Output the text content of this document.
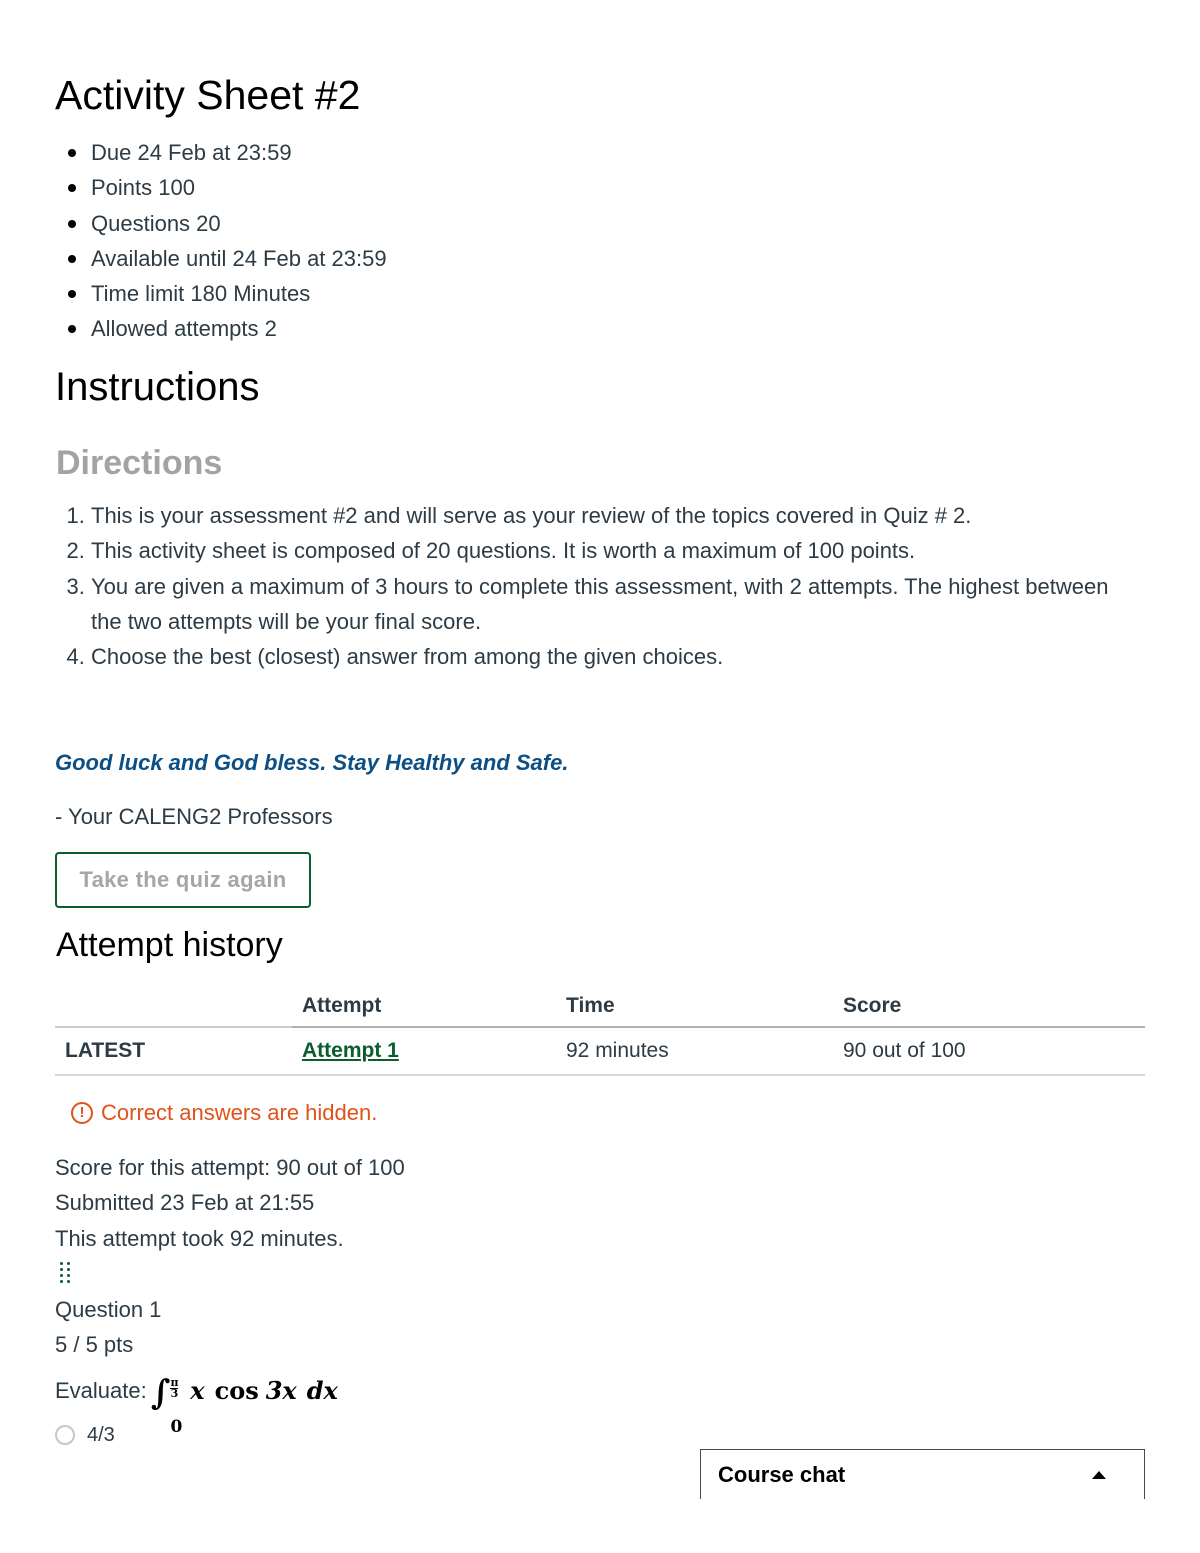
Activity Sheet #2
Due 24 Feb at 23:59
Points 100
Questions 20
Available until 24 Feb at 23:59
Time limit 180 Minutes
Allowed attempts 2
Instructions
Directions
1. This is your assessment #2 and will serve as your review of the topics covered in Quiz # 2.
2. This activity sheet is composed of 20 questions. It is worth a maximum of 100 points.
3. You are given a maximum of 3 hours to complete this assessment, with 2 attempts. The highest between the two attempts will be your final score.
4. Choose the best (closest) answer from among the given choices.

Good luck and God bless. Stay Healthy and Safe.

- Your CALENG2 Professors

Take the quiz again
Attempt history
	Attempt	Time	Score
LATEST	Attempt 1	92 minutes	90 out of 100
! Correct answers are hidden.
Score for this attempt: 90 out of 100
Submitted 23 Feb at 21:55
This attempt took 92 minutes.
Question 1
5 / 5 pts
Evaluate: ∫ $\frac{\pi}{3}$
0
x cos 3x dx
4/3
Course chat
